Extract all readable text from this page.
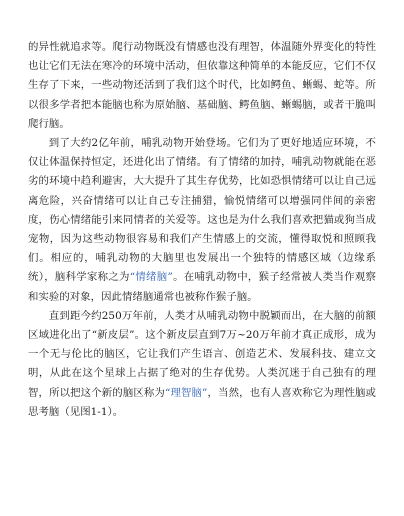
的异性就追求等。爬行动物既没有情感也没有理智，体温随外界变化的特性也让它们无法在寒冷的环境中活动，但依靠这种简单的本能反应，它们不仅生存了下来，一些动物还活到了我们这个时代，比如鳄鱼、蜥蜴、蛇等。所以很多学者把本能脑也称为原始脑、基础脑、鳄鱼脑、蜥蜴脑，或者干脆叫爬行脑。

到了大约2亿年前，哺乳动物开始登场。它们为了更好地适应环境，不仅让体温保持恒定，还进化出了情绪。有了情绪的加持，哺乳动物就能在恶劣的环境中趋利避害，大大提升了其生存优势，比如恐惧情绪可以让自己远离危险，兴奋情绪可以让自己专注捕猎，愉悦情绪可以增强同伴间的亲密度，伤心情绪能引来同情者的关爱等。这也是为什么我们喜欢把猫或狗当成宠物，因为这些动物很容易和我们产生情感上的交流，懂得取悦和照顾我们。相应的，哺乳动物的大脑里也发展出一个独特的情感区域（边缘系统），脑科学家称之为“情绪脑”。在哺乳动物中，猴子经常被人类当作观察和实验的对象，因此情绪脑通常也被称作猴子脑。

直到距今约250万年前，人类才从哺乳动物中脱颖而出，在大脑的前额区域进化出了“新皮层”。这个新皮层直到7万~20万年前才真正成形，成为一个无与伦比的脑区，它让我们产生语言、创造艺术、发展科技、建立文明，从此在这个星球上占据了绝对的生存优势。人类沉迷于自己独有的理智，所以把这个新的脑区称为“理智脑”，当然，也有人喜欢称它为理性脑或思考脑（见图1-1）。
